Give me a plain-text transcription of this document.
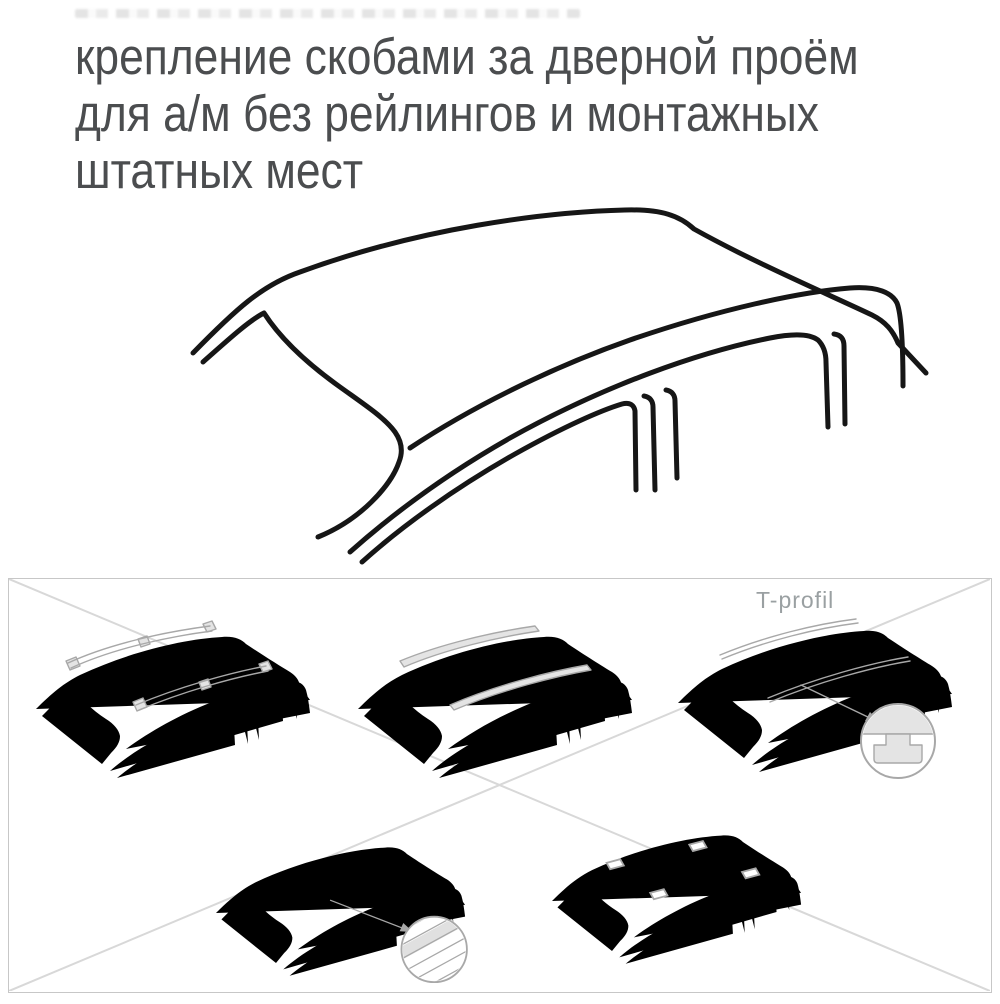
крепление скобами за дверной проём
для а/м без рейлингов и монтажных
штатных мест
T-profil
